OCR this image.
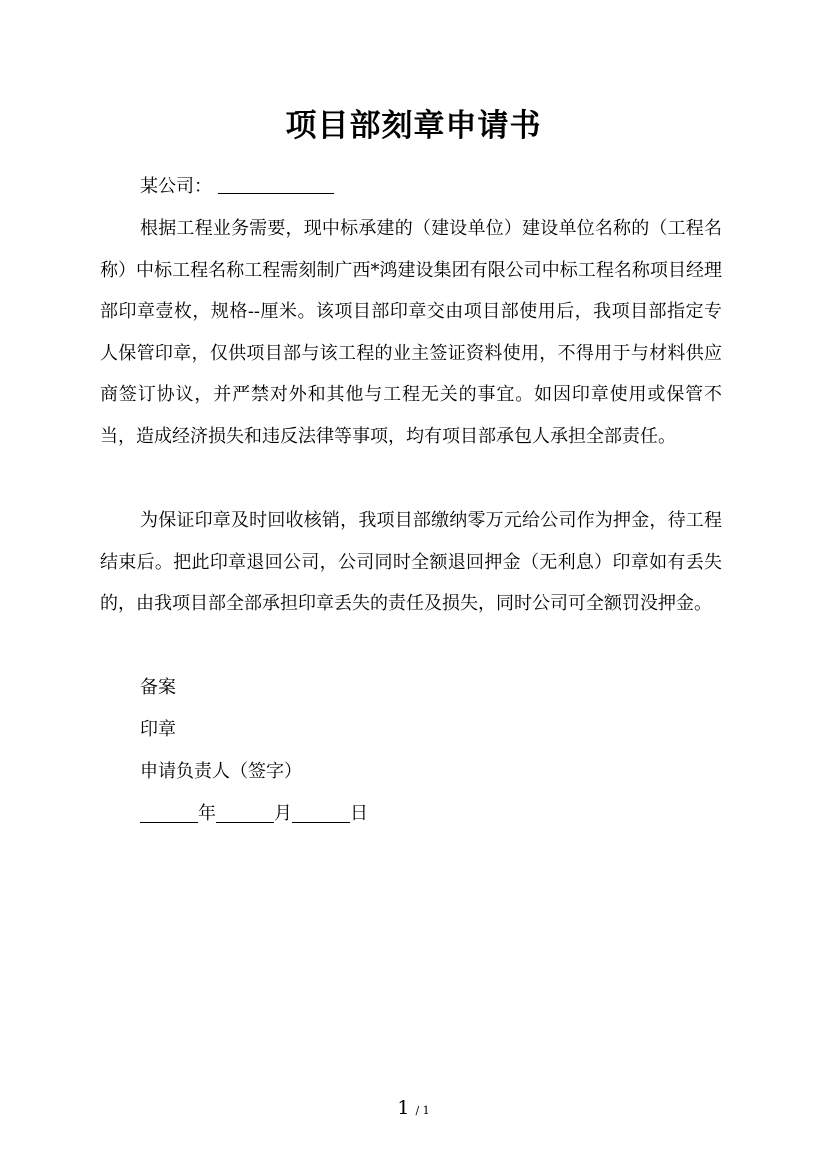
项目部刻章申请书
某公司：
根据工程业务需要，现中标承建的（建设单位）建设单位名称的（工程名称）中标工程名称工程需刻制广西*鸿建设集团有限公司中标工程名称项目经理部印章壹枚，规格--厘米。该项目部印章交由项目部使用后，我项目部指定专人保管印章，仅供项目部与该工程的业主签证资料使用，不得用于与材料供应商签订协议，并严禁对外和其他与工程无关的事宜。如因印章使用或保管不当，造成经济损失和违反法律等事项，均有项目部承包人承担全部责任。
为保证印章及时回收核销，我项目部缴纳零万元给公司作为押金，待工程结束后。把此印章退回公司，公司同时全额退回押金（无利息）印章如有丢失的，由我项目部全部承担印章丢失的责任及损失，同时公司可全额罚没押金。
备案
印章
申请负责人（签字）
年	月	日
1 / 1
